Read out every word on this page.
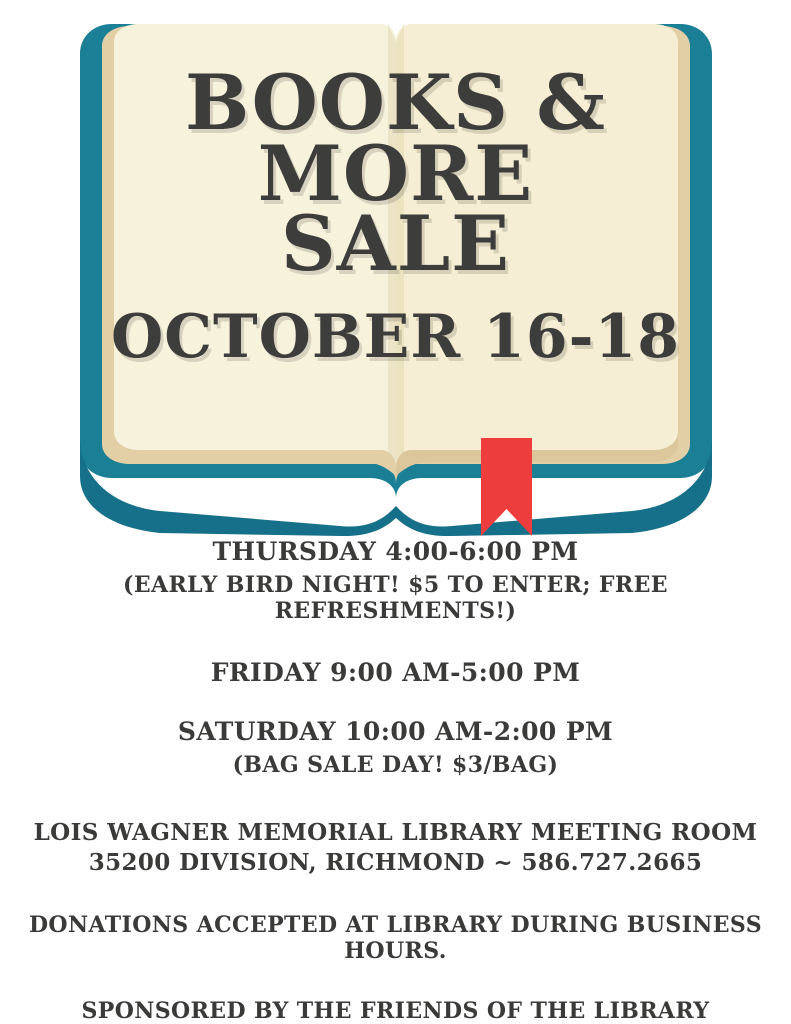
BOOKS &
MORE
SALE
OCTOBER 16-18
THURSDAY 4:00-6:00 PM
(EARLY BIRD NIGHT! $5 TO ENTER; FREE REFRESHMENTS!)
FRIDAY 9:00 AM-5:00 PM
SATURDAY 10:00 AM-2:00 PM
(BAG SALE DAY! $3/BAG)
LOIS WAGNER MEMORIAL LIBRARY MEETING ROOM
35200 DIVISION, RICHMOND ~ 586.727.2665
DONATIONS ACCEPTED AT LIBRARY DURING BUSINESS HOURS.
SPONSORED BY THE FRIENDS OF THE LIBRARY
